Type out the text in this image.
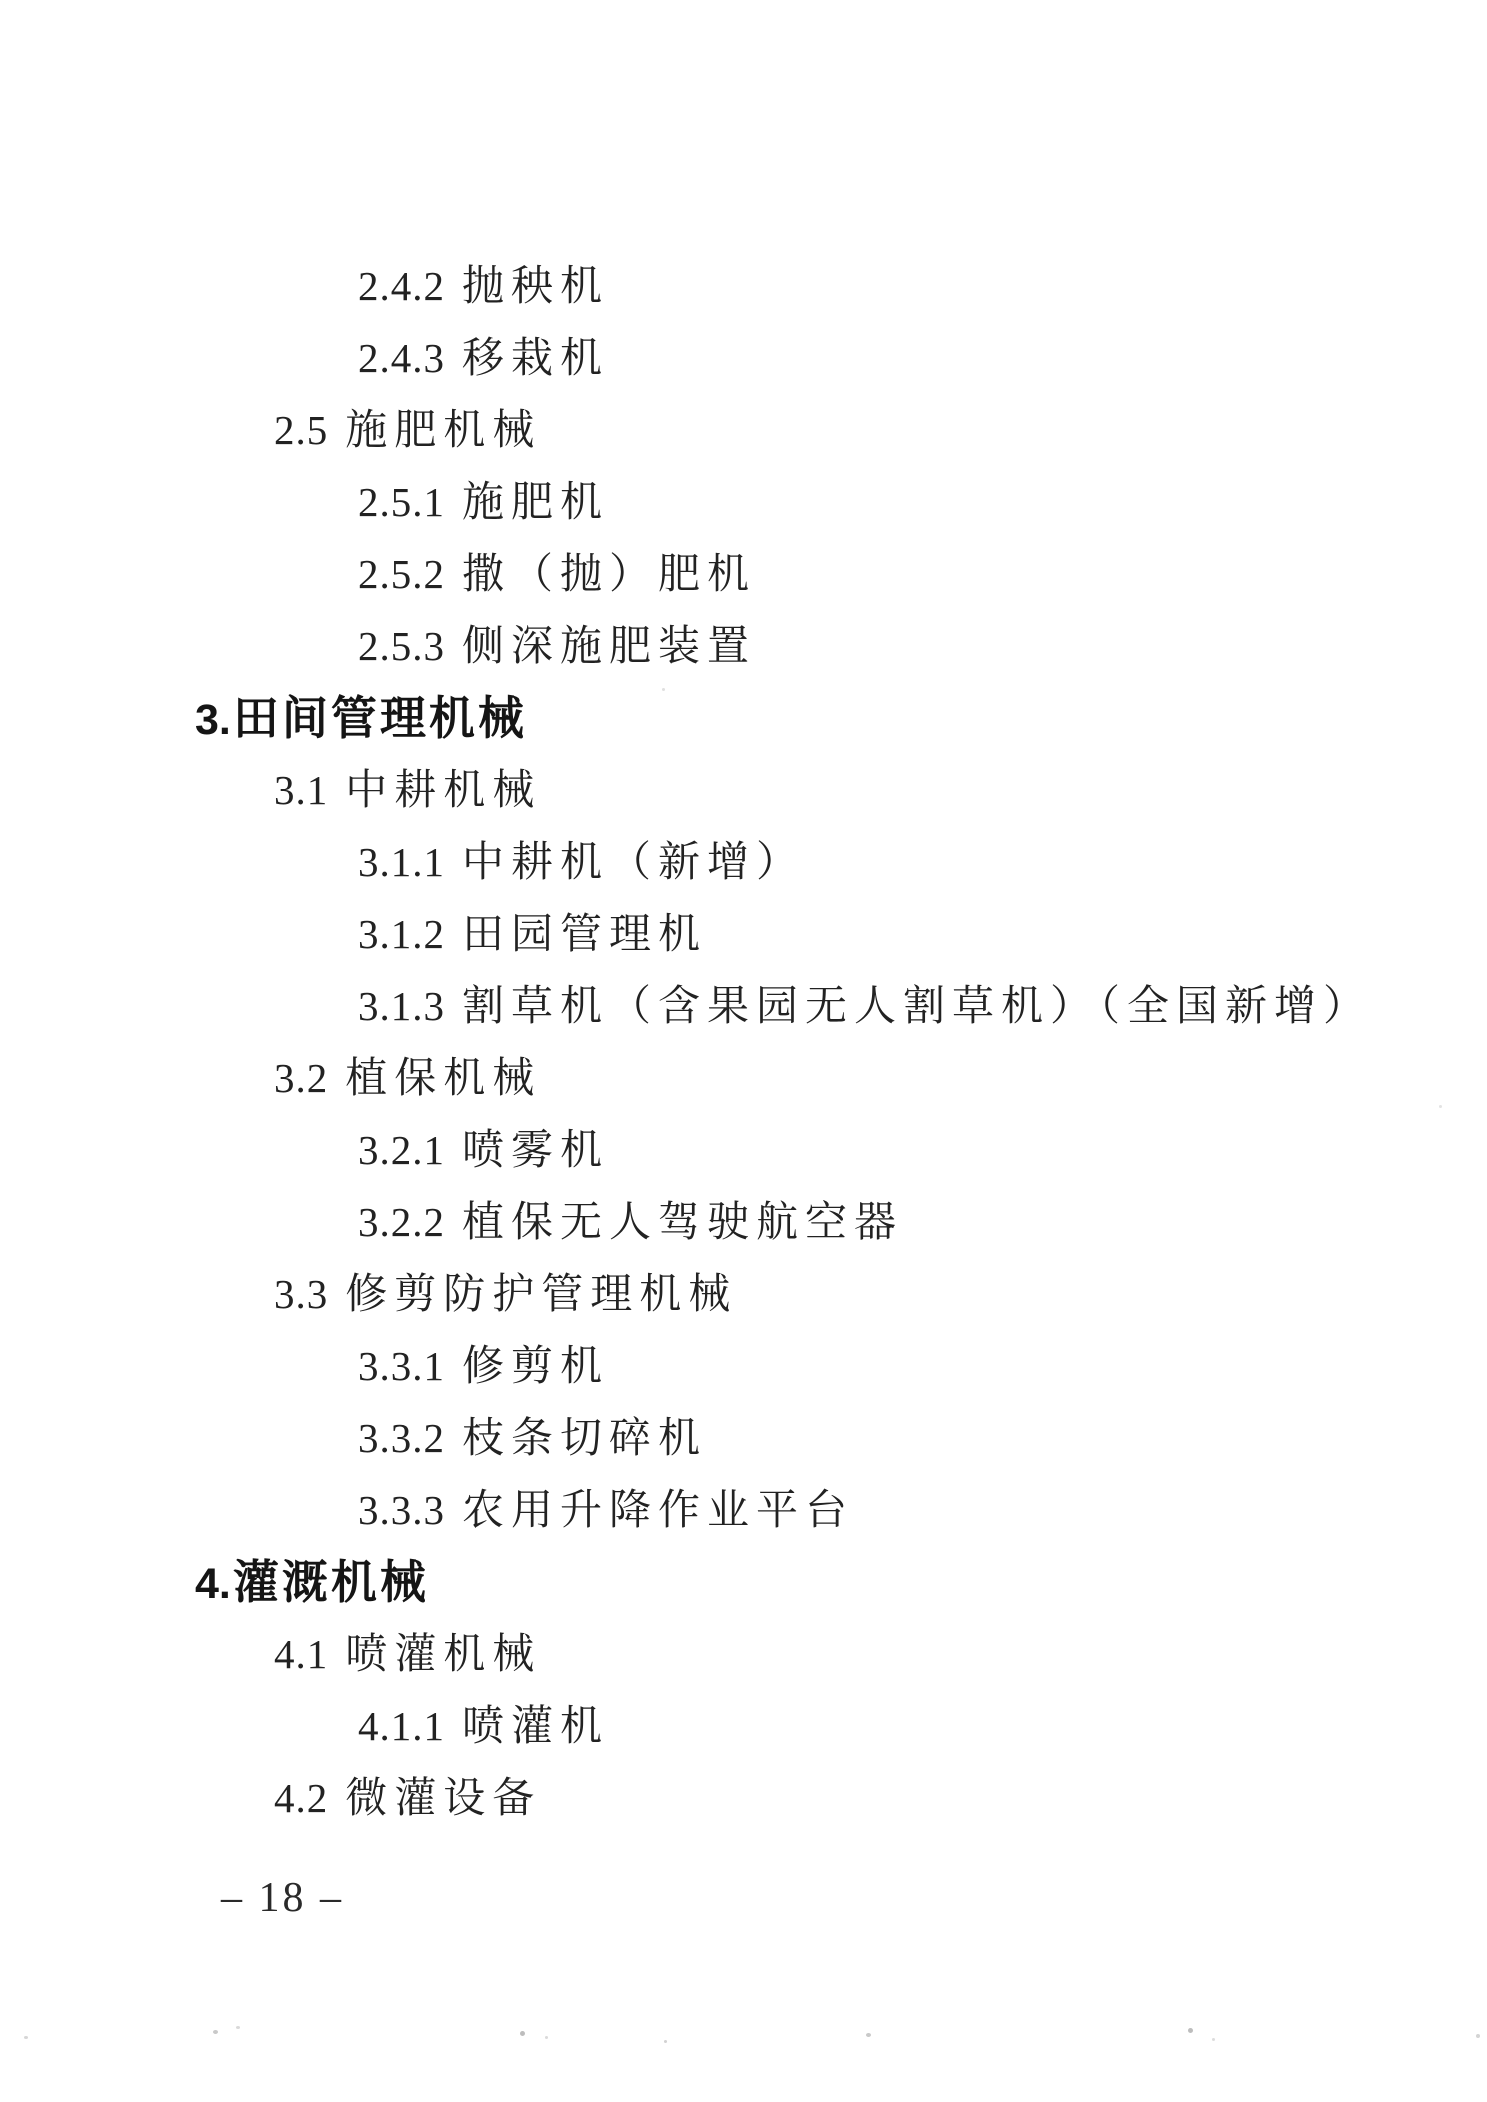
2.4.2 抛秧机
2.4.3 移栽机
2.5 施肥机械
2.5.1 施肥机
2.5.2 撒（抛）肥机
2.5.3 侧深施肥装置
3.田间管理机械
3.1 中耕机械
3.1.1 中耕机（新增）
3.1.2 田园管理机
3.1.3 割草机（含果园无人割草机）（全国新增）
3.2 植保机械
3.2.1 喷雾机
3.2.2 植保无人驾驶航空器
3.3 修剪防护管理机械
3.3.1 修剪机
3.3.2 枝条切碎机
3.3.3 农用升降作业平台
4.灌溉机械
4.1 喷灌机械
4.1.1 喷灌机
4.2 微灌设备
– 18 –
